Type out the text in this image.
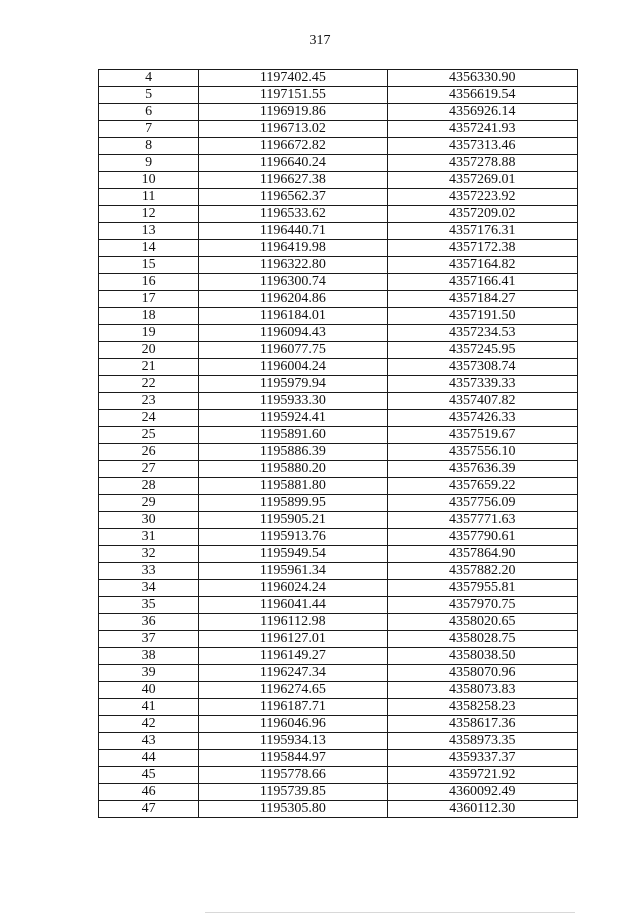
317
4	1197402.45	4356330.90
5	1197151.55	4356619.54
6	1196919.86	4356926.14
7	1196713.02	4357241.93
8	1196672.82	4357313.46
9	1196640.24	4357278.88
10	1196627.38	4357269.01
11	1196562.37	4357223.92
12	1196533.62	4357209.02
13	1196440.71	4357176.31
14	1196419.98	4357172.38
15	1196322.80	4357164.82
16	1196300.74	4357166.41
17	1196204.86	4357184.27
18	1196184.01	4357191.50
19	1196094.43	4357234.53
20	1196077.75	4357245.95
21	1196004.24	4357308.74
22	1195979.94	4357339.33
23	1195933.30	4357407.82
24	1195924.41	4357426.33
25	1195891.60	4357519.67
26	1195886.39	4357556.10
27	1195880.20	4357636.39
28	1195881.80	4357659.22
29	1195899.95	4357756.09
30	1195905.21	4357771.63
31	1195913.76	4357790.61
32	1195949.54	4357864.90
33	1195961.34	4357882.20
34	1196024.24	4357955.81
35	1196041.44	4357970.75
36	1196112.98	4358020.65
37	1196127.01	4358028.75
38	1196149.27	4358038.50
39	1196247.34	4358070.96
40	1196274.65	4358073.83
41	1196187.71	4358258.23
42	1196046.96	4358617.36
43	1195934.13	4358973.35
44	1195844.97	4359337.37
45	1195778.66	4359721.92
46	1195739.85	4360092.49
47	1195305.80	4360112.30
